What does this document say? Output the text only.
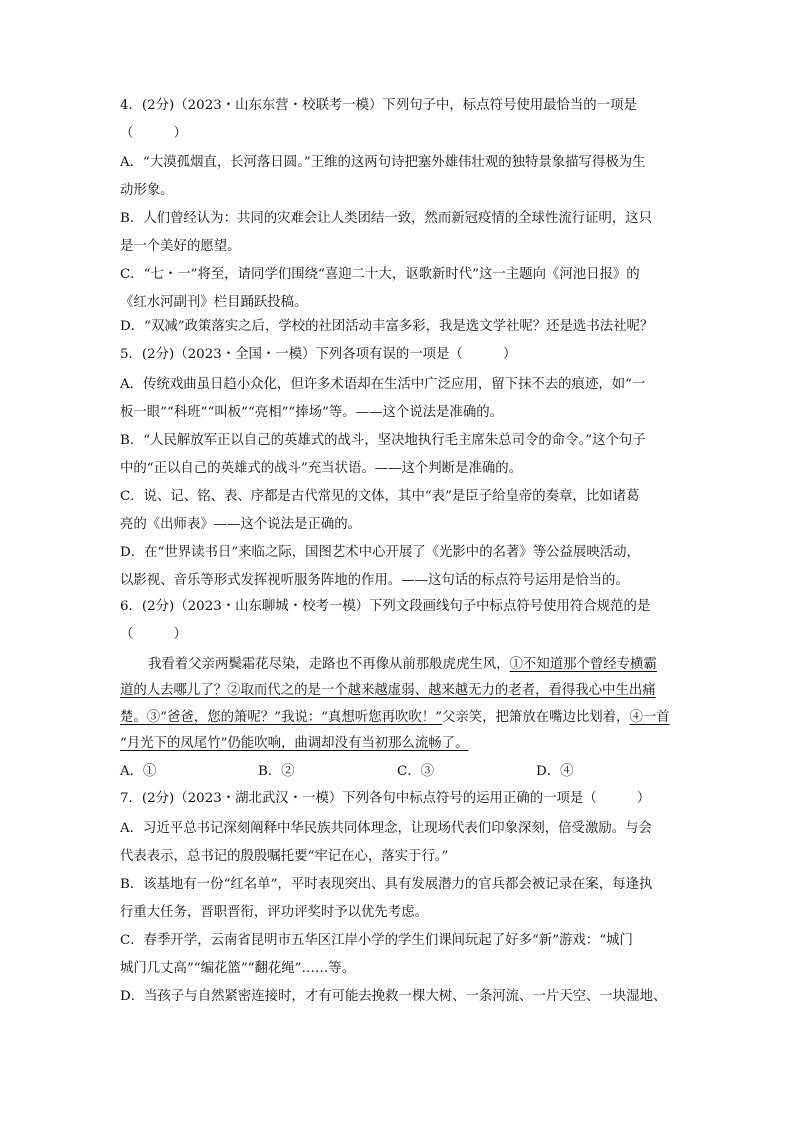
4．(2分)（2023・山东东营・校联考一模）下列句子中，标点符号使用最恰当的一项是
（　　　）
A．“大漠孤烟直，长河落日圆。”王维的这两句诗把塞外雄伟壮观的独特景象描写得极为生
动形象。
B．人们曾经认为：共同的灾难会让人类团结一致，然而新冠疫情的全球性流行证明，这只
是一个美好的愿望。
C．“七・一”将至，请同学们围绕“喜迎二十大，讴歌新时代”这一主题向《河池日报》的
《红水河副刊》栏目踊跃投稿。
D．“双减”政策落实之后，学校的社团活动丰富多彩，我是选文学社呢？还是选书法社呢？
5．(2分)（2023・全国・一模）下列各项有误的一项是（　　　）
A．传统戏曲虽日趋小众化，但许多术语却在生活中广泛应用，留下抹不去的痕迹，如“一
板一眼”“科班”“叫板”“亮相”“捧场”等。——这个说法是准确的。
B．“人民解放军正以自己的英雄式的战斗，坚决地执行毛主席朱总司令的命令。”这个句子
中的“正以自己的英雄式的战斗”充当状语。——这个判断是准确的。
C．说、记、铭、表、序都是古代常见的文体，其中“表”是臣子给皇帝的奏章，比如诸葛
亮的《出师表》——这个说法是正确的。
D．在“世界读书日”来临之际，国图艺术中心开展了《光影中的名著》等公益展映活动，
以影视、音乐等形式发挥视听服务阵地的作用。——这句话的标点符号运用是恰当的。
6．(2分)（2023・山东聊城・校考一模）下列文段画线句子中标点符号使用符合规范的是
（　　　）
我看着父亲两鬓霜花尽染，走路也不再像从前那般虎虎生风，①不知道那个曾经专横霸
道的人去哪儿了？②取而代之的是一个越来越虚弱、越来越无力的老者，看得我心中生出痛
楚。③“爸爸，您的箫呢？”我说：“真想听您再吹吹！”父亲笑，把箫放在嘴边比划着，④一首
“月光下的凤尾竹”仍能吹响，曲调却没有当初那么流畅了。
A．①	B．②	C．③	D．④
7．(2分)（2023・湖北武汉・一模）下列各句中标点符号的运用正确的一项是（　　　）
A．习近平总书记深刻阐释中华民族共同体理念，让现场代表们印象深刻，倍受激励。与会
代表表示，总书记的殷殷嘱托要“牢记在心，落实于行。”
B．该基地有一份“红名单”，平时表现突出、具有发展潜力的官兵都会被记录在案，每逢执
行重大任务，晋职晋衔，评功评奖时予以优先考虑。
C．春季开学，云南省昆明市五华区江岸小学的学生们课间玩起了好多“新”游戏：“城门
城门几丈高”“编花篮”“翻花绳”……等。
D．当孩子与自然紧密连接时，才有可能去挽救一棵大树、一条河流、一片天空、一块湿地、
